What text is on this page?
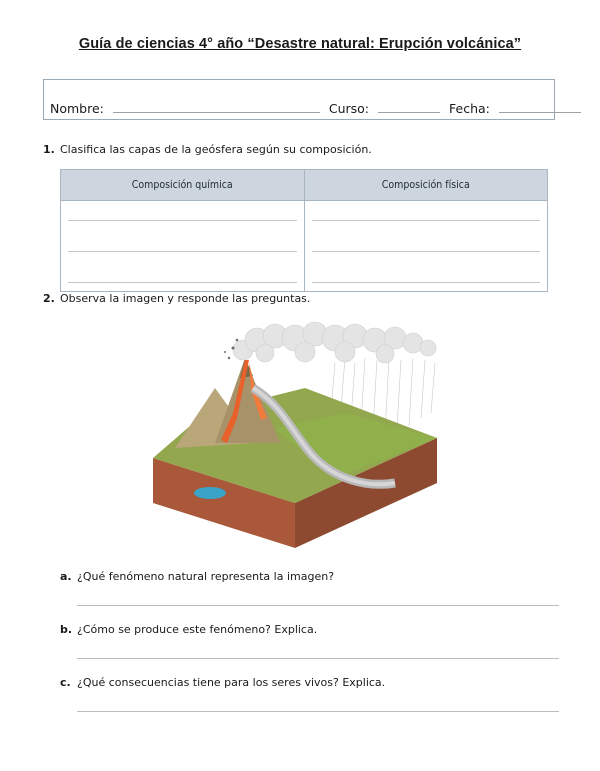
Guía de ciencias 4° año “Desastre natural: Erupción volcánica”
Nombre:	Curso:	Fecha:
1. Clasifica las capas de la geósfera según su composición.
Composición química	Composición física

2. Observa la imagen y responde las preguntas.
a. ¿Qué fenómeno natural representa la imagen?
b. ¿Cómo se produce este fenómeno? Explica.
c. ¿Qué consecuencias tiene para los seres vivos? Explica.
